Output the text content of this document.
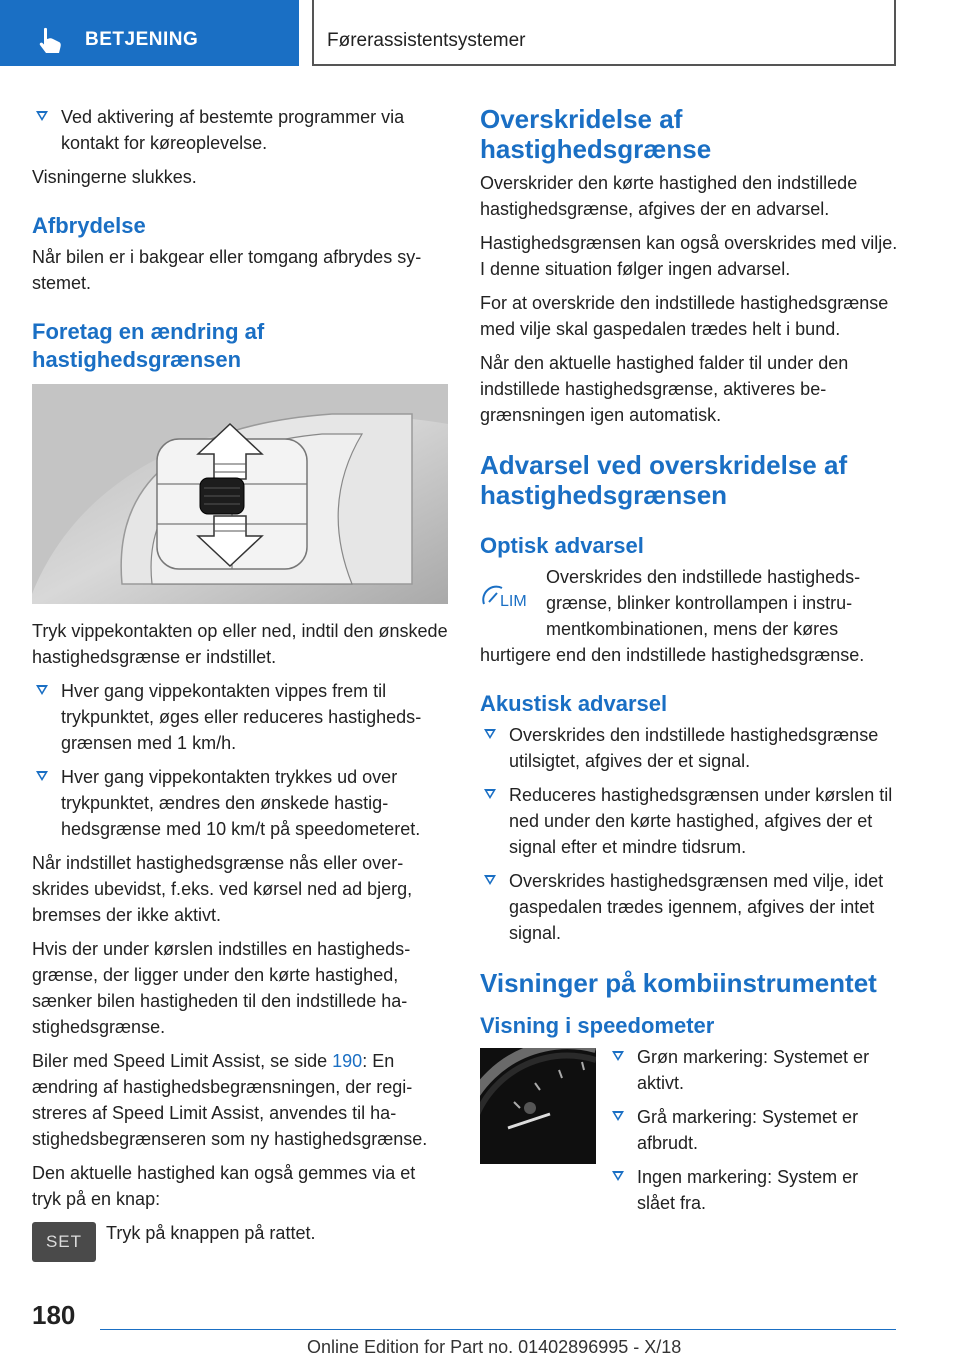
BETJENING	Førerassistentsystemer
Ved aktivering af bestemte programmer via kontakt for køreoplevelse.

Visningerne slukkes.

Afbrydelse

Når bilen er i bakgear eller tomgang afbrydes systemet.

Foretag en ændring af hastighedsgrænsen

Tryk vippekontakten op eller ned, indtil den ønskede hastighedsgrænse er indstillet.

Hver gang vippekontakten vippes frem til trykpunktet, øges eller reduceres hastighedsgrænsen med 1 km/h.
Hver gang vippekontakten trykkes ud over trykpunktet, ændres den ønskede hastighedsgrænse med 10 km/t på speedometeret.

Når indstillet hastighedsgrænse nås eller overskrides ubevidst, f.eks. ved kørsel ned ad bjerg, bremses der ikke aktivt.

Hvis der under kørslen indstilles en hastighedsgrænse, der ligger under den kørte hastighed, sænker bilen hastigheden til den indstillede hastighedsgrænse.

Biler med Speed Limit Assist, se side 190: En ændring af hastighedsbegrænsningen, der registreres af Speed Limit Assist, anvendes til hastighedsbegrænseren som ny hastighedsgrænse.

Den aktuelle hastighed kan også gemmes via et tryk på en knap:

SET	Tryk på knappen på rattet.
Overskridelse af hastighedsgrænse

Overskrider den kørte hastighed den indstillede hastighedsgrænse, afgives der en advarsel.

Hastighedsgrænsen kan også overskrides med vilje. I denne situation følger ingen advarsel.

For at overskride den indstillede hastighedsgrænse med vilje skal gaspedalen trædes helt i bund.

Når den aktuelle hastighed falder til under den indstillede hastighedsgrænse, aktiveres begrænsningen igen automatisk.

Advarsel ved overskridelse af hastighedsgrænsen
Optisk advarsel
LIM
Overskrides den indstillede hastighedsgrænse, blinker kontrollampen i instrumentkombinationen, mens der køres
hurtigere end den indstillede hastighedsgrænse.
Akustisk advarsel
Overskrides den indstillede hastighedsgrænse utilsigtet, afgives der et signal.
Reduceres hastighedsgrænsen under kørslen til ned under den kørte hastighed, afgives der et signal efter et mindre tidsrum.
Overskrides hastighedsgrænsen med vilje, idet gaspedalen trædes igennem, afgives der intet signal.
Visninger på kombiinstrumentet
Visning i speedometer
Grøn markering: Systemet er aktivt.
Grå markering: Systemet er afbrudt.
Ingen markering: System er slået fra.
180
Online Edition for Part no. 01402896995 - X/18
